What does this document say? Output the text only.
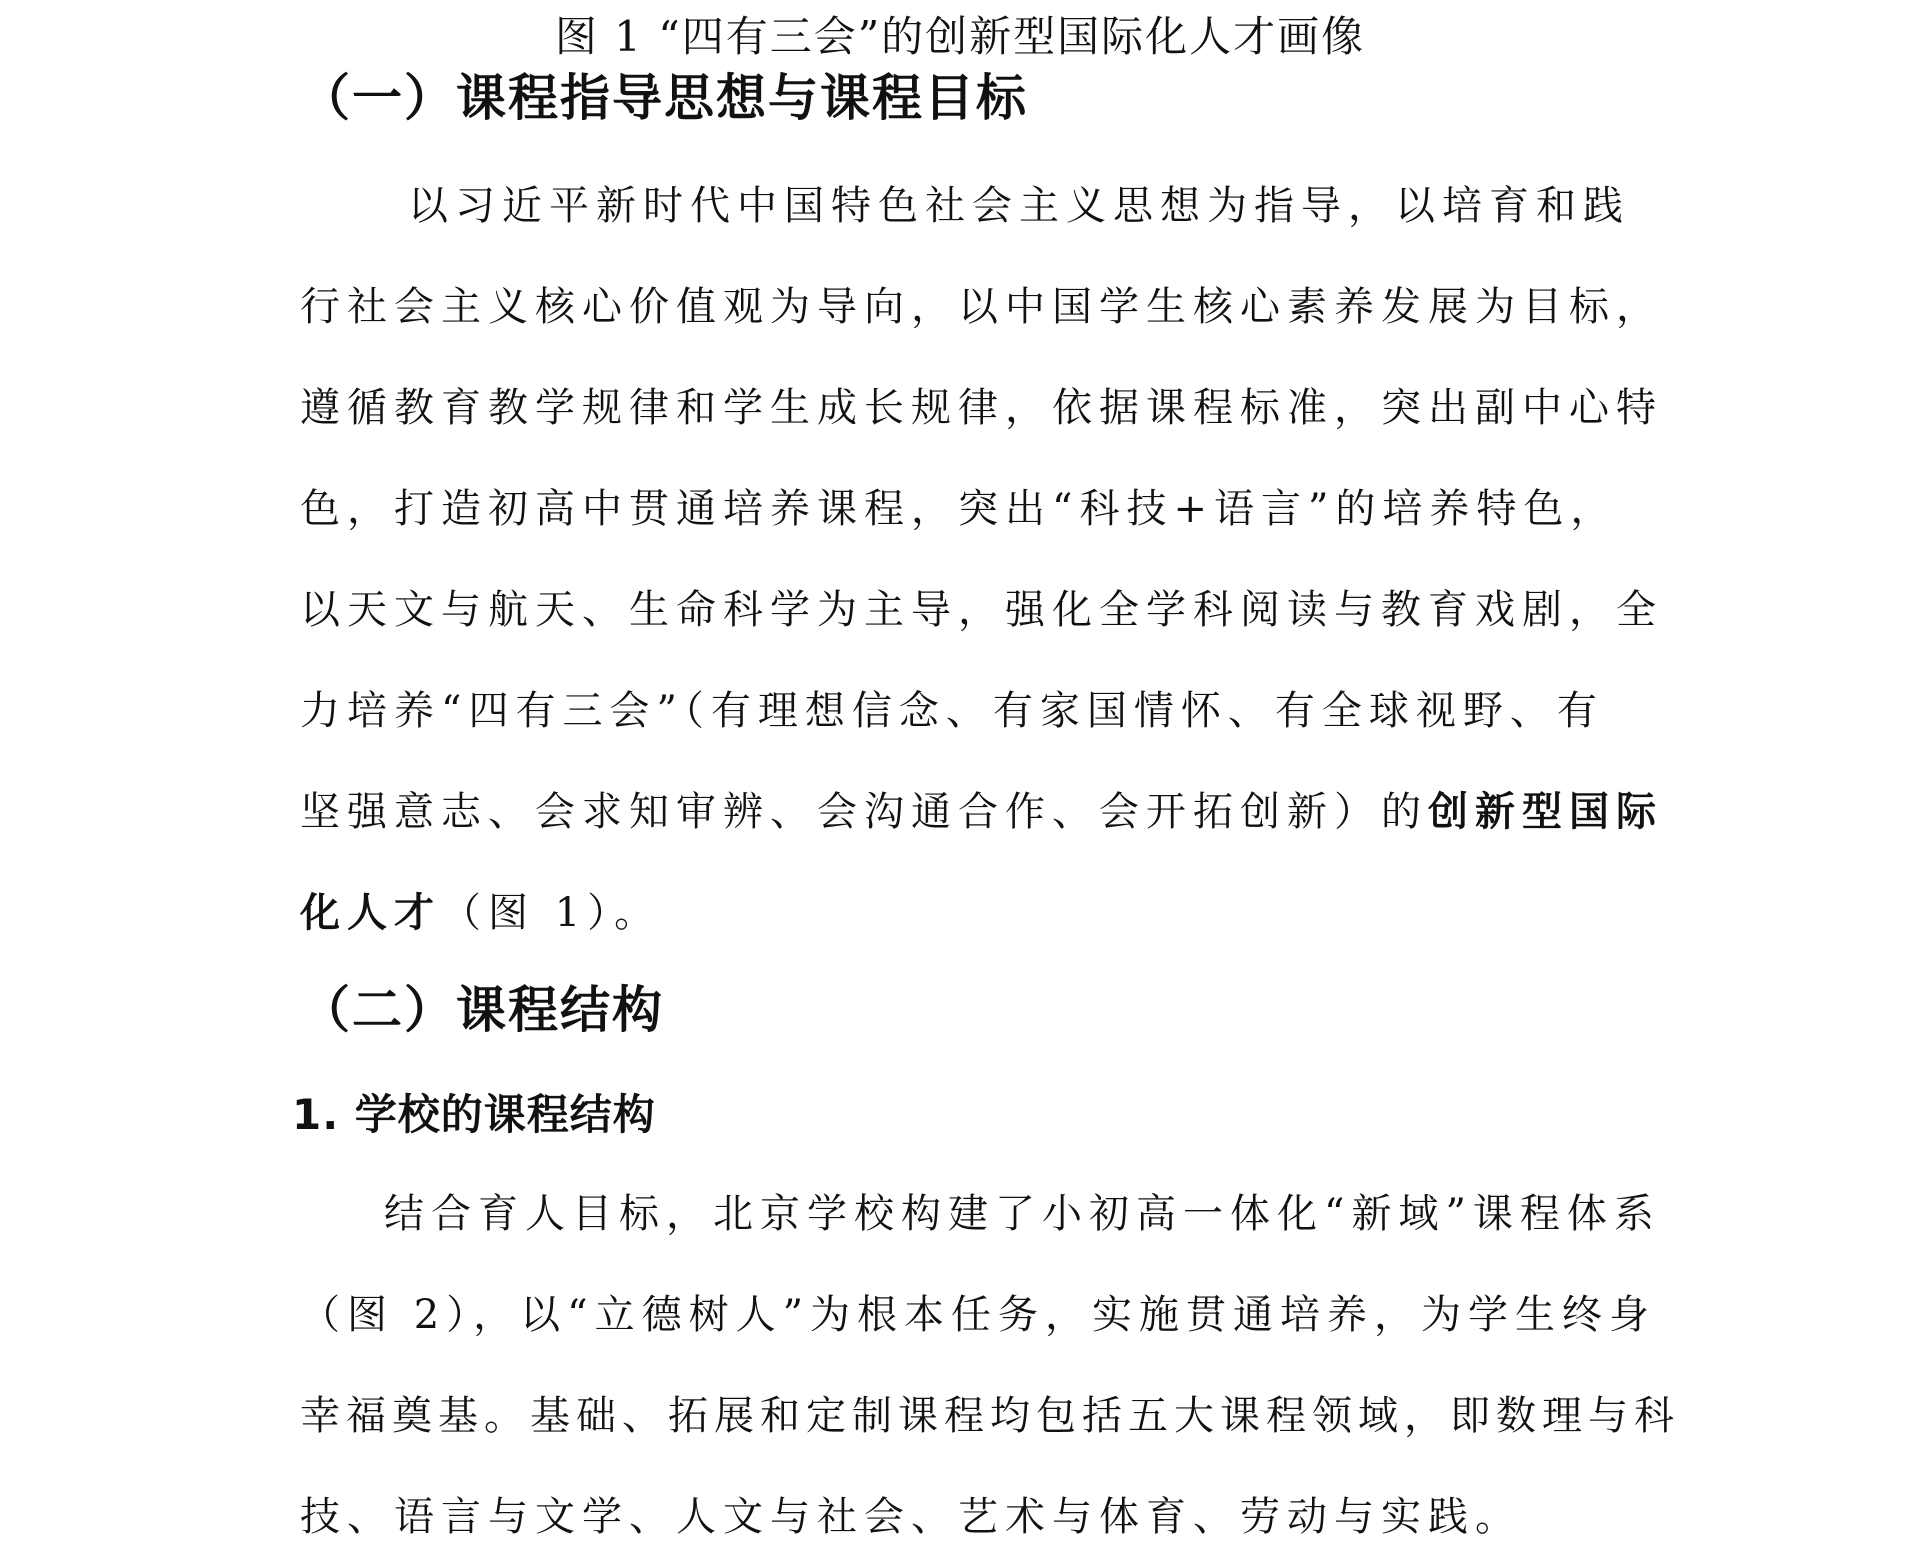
图 1 “四有三会”的创新型国际化人才画像
（一）课程指导思想与课程目标
以习近平新时代中国特色社会主义思想为指导，以培育和践
行社会主义核心价值观为导向，以中国学生核心素养发展为目标，
遵循教育教学规律和学生成长规律，依据课程标准，突出副中心特
色，打造初高中贯通培养课程，突出“科技+语言”的培养特色，
以天文与航天、生命科学为主导，强化全学科阅读与教育戏剧，全
力培养“四有三会”（有理想信念、有家国情怀、有全球视野、有
坚强意志、会求知审辨、会沟通合作、会开拓创新）的创新型国际
化人才（图 1）。
（二）课程结构
1. 学校的课程结构
结合育人目标，北京学校构建了小初高一体化“新域”课程体系
（图 2），以“立德树人”为根本任务，实施贯通培养，为学生终身
幸福奠基。基础、拓展和定制课程均包括五大课程领域，即数理与科
技、语言与文学、人文与社会、艺术与体育、劳动与实践。
